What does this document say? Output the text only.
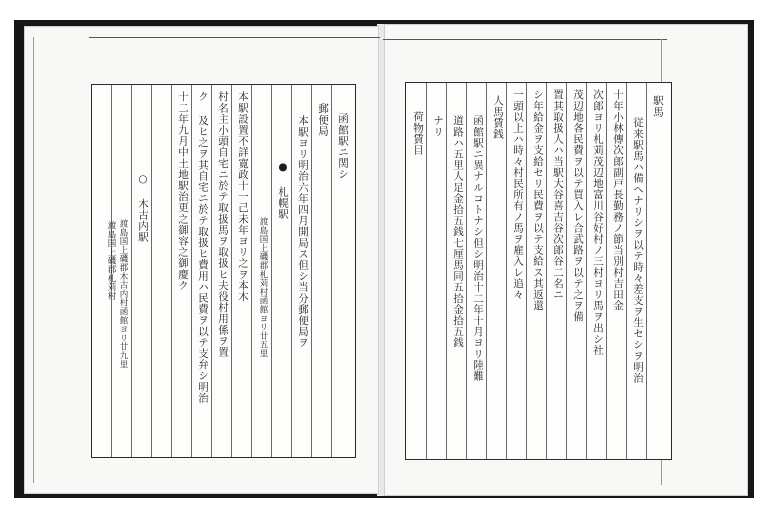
函館駅ニ関シ
郵便局
本駅ヨリ明治六年四月開局ス但シ当分郵便局ヲ
● 札幌駅
渡島国上磯郡札苅村函館ヨリ廿五里
本駅設置不詳寛政十一己未年ヨリ之ヲ本木
村名主小頭自宅ニ於テ取扱馬ヲ取扱ヒ夫役村用係ヲ置
ク 及ヒ之ヲ其自宅ニ於テ取扱ヒ費用ハ民費ヲ以テ支弁シ明治
十二年九月中土地駅治更之御容之御慶ク
○ 木古内駅
渡島国上磯郡木古内村函館ヨリ廿九里
渡島国上磯郡札苅村
駅馬
従来駅馬ハ備ヘナリシヲ以テ時々差支ヲ生セシヲ明治
十年小林傳次郎副戸長勤務ノ節当別村吉田金
次郎ヨリ札苅茂辺地富川谷好村ノ三村ヨリ馬ヲ出シ社
茂辺地各民費ヲ以テ買入レ合武路ヲ以テ之ヲ備
置其取扱人ハ当駅大谷喜吉谷次郎谷二名ニ
シ年給金ヲ支給セリ民費ヲ以テ支給ス其返還
一頭以上ハ時々村民所有ノ馬ヲ雇入レ追々
人馬賃銭
函館駅ニ異ナルコトナシ但シ明治十二年十月ヨリ陸難
道路ハ五里人足金拾五銭七厘馬同五拾金拾五銭
ナリ
荷物賃目
